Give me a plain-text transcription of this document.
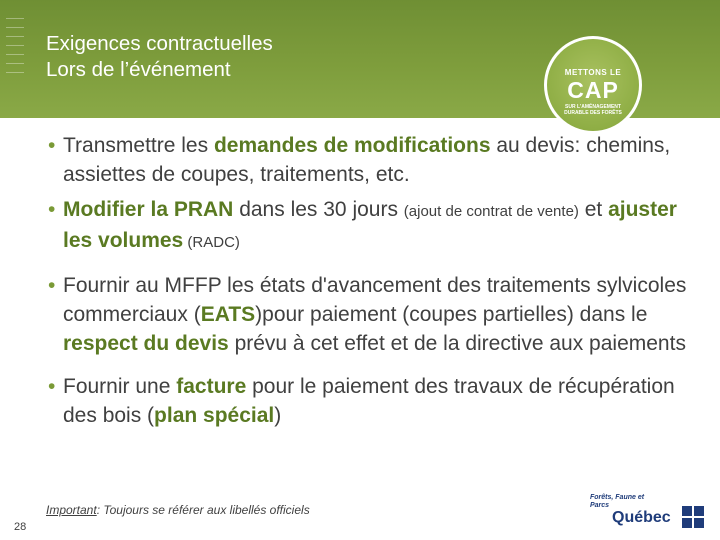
Exigences contractuelles
Lors de l’événement	METTONS LE
CAP
SUR L'AMÉNAGEMENT DURABLE DES FORÊTS
• Transmettre les demandes de modifications au devis: chemins, assiettes de coupes, traitements, etc.
• Modifier la PRAN dans les 30 jours (ajout de contrat de vente) et ajuster les volumes (RADC)
• Fournir au MFFP les états d'avancement des traitements sylvicoles commerciaux (EATS)pour paiement (coupes partielles) dans le respect du devis prévu à cet effet et de la directive aux paiements
• Fournir une facture pour le paiement des travaux de récupération des bois (plan spécial)
Important: Toujours se référer aux libellés officiels
28
Forêts, Faune et Parcs
Québec
